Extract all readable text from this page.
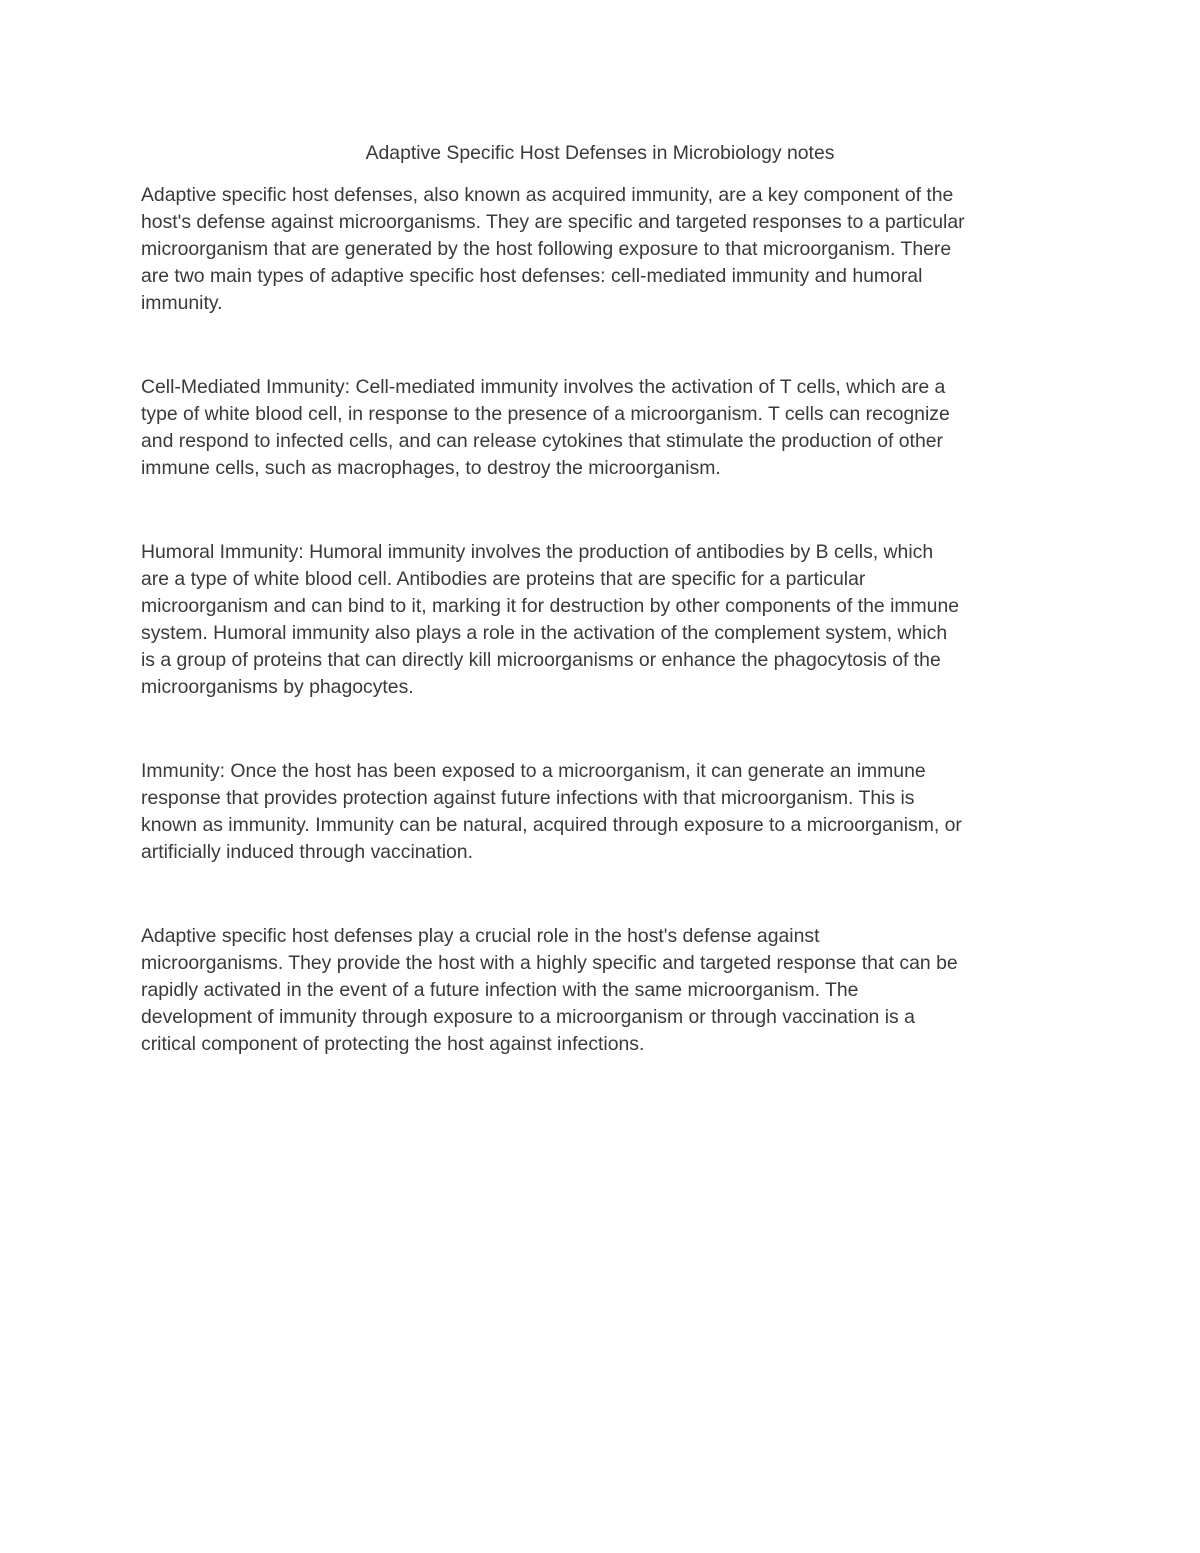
Adaptive Specific Host Defenses in Microbiology notes

Adaptive specific host defenses, also known as acquired immunity, are a key component of the
host's defense against microorganisms. They are specific and targeted responses to a particular
microorganism that are generated by the host following exposure to that microorganism. There
are two main types of adaptive specific host defenses: cell-mediated immunity and humoral
immunity.

Cell-Mediated Immunity: Cell-mediated immunity involves the activation of T cells, which are a
type of white blood cell, in response to the presence of a microorganism. T cells can recognize
and respond to infected cells, and can release cytokines that stimulate the production of other
immune cells, such as macrophages, to destroy the microorganism.

Humoral Immunity: Humoral immunity involves the production of antibodies by B cells, which
are a type of white blood cell. Antibodies are proteins that are specific for a particular
microorganism and can bind to it, marking it for destruction by other components of the immune
system. Humoral immunity also plays a role in the activation of the complement system, which
is a group of proteins that can directly kill microorganisms or enhance the phagocytosis of the
microorganisms by phagocytes.

Immunity: Once the host has been exposed to a microorganism, it can generate an immune
response that provides protection against future infections with that microorganism. This is
known as immunity. Immunity can be natural, acquired through exposure to a microorganism, or
artificially induced through vaccination.

Adaptive specific host defenses play a crucial role in the host's defense against
microorganisms. They provide the host with a highly specific and targeted response that can be
rapidly activated in the event of a future infection with the same microorganism. The
development of immunity through exposure to a microorganism or through vaccination is a
critical component of protecting the host against infections.
